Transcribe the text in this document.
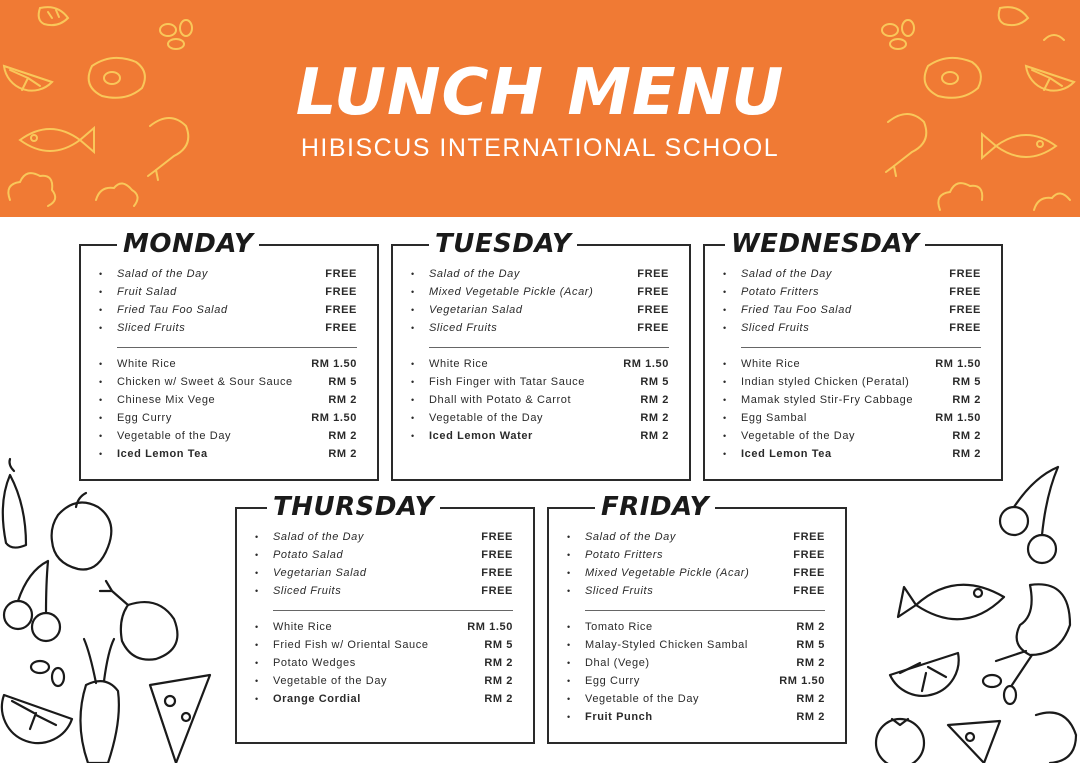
LUNCH MENU
HIBISCUS INTERNATIONAL SCHOOL
MONDAY
• Salad of the Day	FREE
• Fruit Salad	FREE
• Fried Tau Foo Salad	FREE
• Sliced Fruits	FREE
• White Rice	RM 1.50
• Chicken w/ Sweet & Sour Sauce	RM 5
• Chinese Mix Vege	RM 2
• Egg Curry	RM 1.50
• Vegetable of the Day	RM 2
• Iced Lemon Tea	RM 2
TUESDAY
• Salad of the Day	FREE
• Mixed Vegetable Pickle (Acar)	FREE
• Vegetarian Salad	FREE
• Sliced Fruits	FREE
• White Rice	RM 1.50
• Fish Finger with Tatar Sauce	RM 5
• Dhall with Potato & Carrot	RM 2
• Vegetable of the Day	RM 2
• Iced Lemon Water	RM 2
WEDNESDAY
• Salad of the Day	FREE
• Potato Fritters	FREE
• Fried Tau Foo Salad	FREE
• Sliced Fruits	FREE
• White Rice	RM 1.50
• Indian styled Chicken (Peratal)	RM 5
• Mamak styled Stir-Fry Cabbage	RM 2
• Egg Sambal	RM 1.50
• Vegetable of the Day	RM 2
• Iced Lemon Tea	RM 2
THURSDAY
• Salad of the Day	FREE
• Potato Salad	FREE
• Vegetarian Salad	FREE
• Sliced Fruits	FREE
• White Rice	RM 1.50
• Fried Fish w/ Oriental Sauce	RM 5
• Potato Wedges	RM 2
• Vegetable of the Day	RM 2
• Orange Cordial	RM 2
FRIDAY
• Salad of the Day	FREE
• Potato Fritters	FREE
• Mixed Vegetable Pickle (Acar)	FREE
• Sliced Fruits	FREE
• Tomato Rice	RM 2
• Malay-Styled Chicken Sambal	RM 5
• Dhal (Vege)	RM 2
• Egg Curry	RM 1.50
• Vegetable of the Day	RM 2
• Fruit Punch	RM 2
